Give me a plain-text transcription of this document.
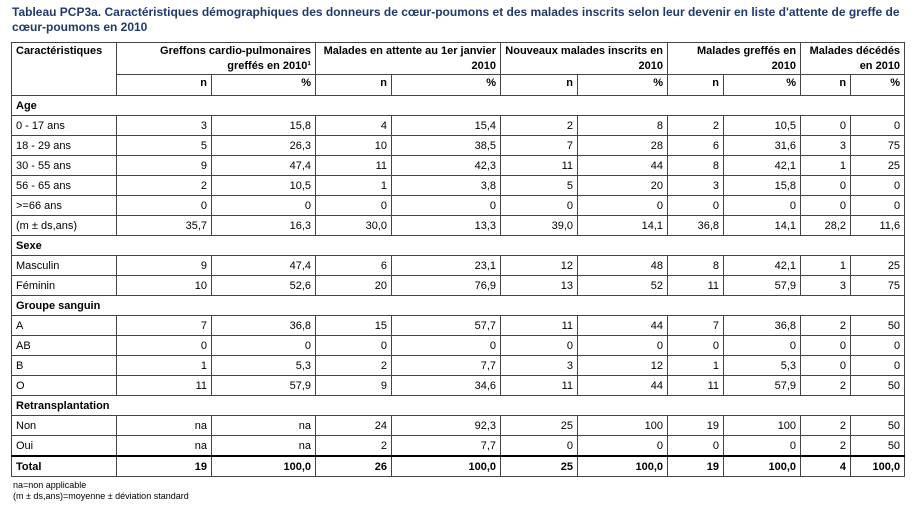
Tableau PCP3a. Caractéristiques démographiques des donneurs de cœur-poumons et des malades inscrits selon leur devenir en liste d'attente de greffe de cœur-poumons en 2010
Caractéristiques	Greffons cardio-pulmonaires greffés en 2010¹		Malades en attente au 1er janvier 2010		Nouveaux malades inscrits en 2010		Malades greffés en 2010		Malades décédés en 2010	
	n	%	n	%	n	%	n	%	n	%
Age										
0 - 17 ans	3	15,8	4	15,4	2	8	2	10,5	0	0
18 - 29 ans	5	26,3	10	38,5	7	28	6	31,6	3	75
30 - 55 ans	9	47,4	11	42,3	11	44	8	42,1	1	25
56 - 65 ans	2	10,5	1	3,8	5	20	3	15,8	0	0
>=66 ans	0	0	0	0	0	0	0	0	0	0
(m ± ds,ans)	35,7	16,3	30,0	13,3	39,0	14,1	36,8	14,1	28,2	11,6
Sexe										
Masculin	9	47,4	6	23,1	12	48	8	42,1	1	25
Féminin	10	52,6	20	76,9	13	52	11	57,9	3	75
Groupe sanguin										
A	7	36,8	15	57,7	11	44	7	36,8	2	50
AB	0	0	0	0	0	0	0	0	0	0
B	1	5,3	2	7,7	3	12	1	5,3	0	0
O	11	57,9	9	34,6	11	44	11	57,9	2	50
Retransplantation										
Non	na	na	24	92,3	25	100	19	100	2	50
Oui	na	na	2	7,7	0	0	0	0	2	50
Total	19	100,0	26	100,0	25	100,0	19	100,0	4	100,0
na=non applicable
(m ± ds,ans)=moyenne ± déviation standard
